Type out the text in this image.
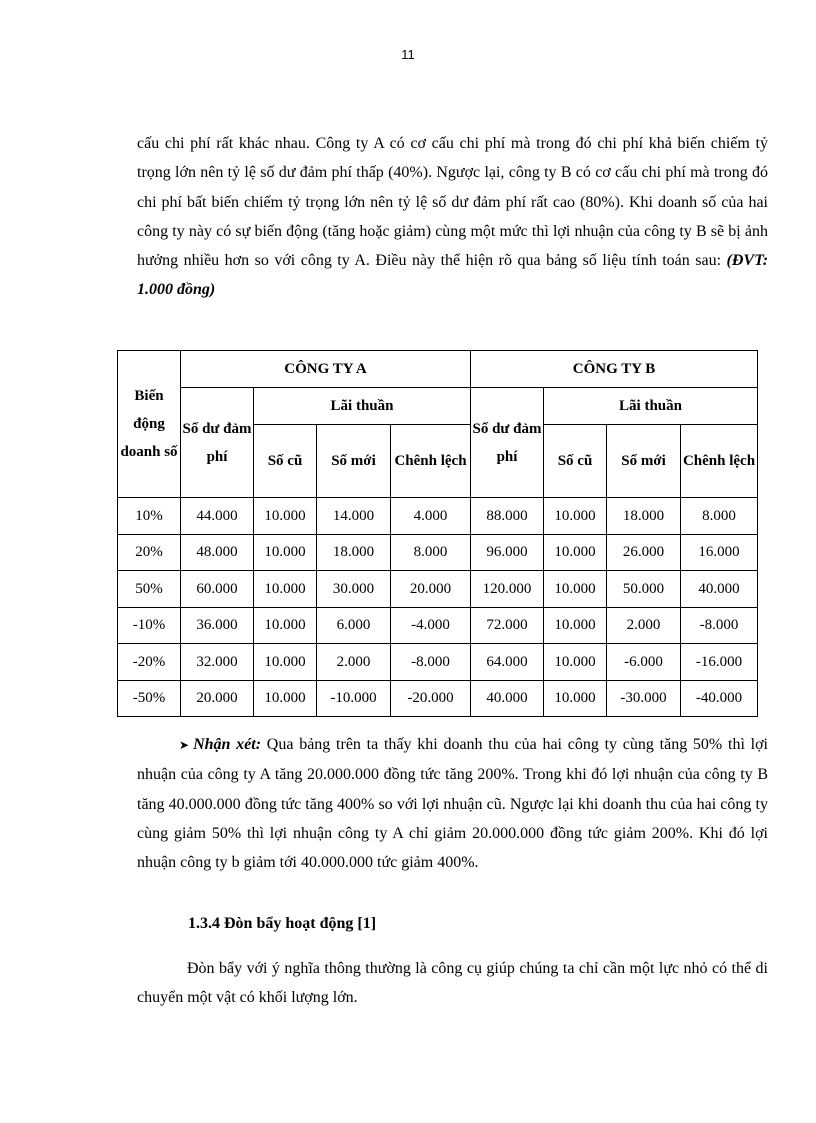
11
cấu chi phí rất khác nhau. Công ty A có cơ cấu chi phí mà trong đó chi phí khả biến chiếm tỷ trọng lớn nên tỷ lệ số dư đảm phí thấp (40%). Ngược lại, công ty B có cơ cấu chi phí mà trong đó chi phí bất biến chiếm tỷ trọng lớn nên tỷ lệ số dư đảm phí rất cao (80%). Khi doanh số của hai công ty này có sự biến động (tăng hoặc giảm) cùng một mức thì lợi nhuận của công ty B sẽ bị ảnh hưởng nhiều hơn so với công ty A. Điều này thể hiện rõ qua bảng số liệu tính toán sau: (ĐVT: 1.000 đồng)
Biến động doanh số	CÔNG TY A				CÔNG TY B			
	Số dư đảm phí	Lãi thuần			Số dư đảm phí	Lãi thuần		
		Số cũ	Số mới	Chênh lệch		Số cũ	Số mới	Chênh lệch
10%	44.000	10.000	14.000	4.000	88.000	10.000	18.000	8.000
20%	48.000	10.000	18.000	8.000	96.000	10.000	26.000	16.000
50%	60.000	10.000	30.000	20.000	120.000	10.000	50.000	40.000
-10%	36.000	10.000	6.000	-4.000	72.000	10.000	2.000	-8.000
-20%	32.000	10.000	2.000	-8.000	64.000	10.000	-6.000	-16.000
-50%	20.000	10.000	-10.000	-20.000	40.000	10.000	-30.000	-40.000
➤ Nhận xét: Qua bảng trên ta thấy khi doanh thu của hai công ty cùng tăng 50% thì lợi nhuận của công ty A tăng 20.000.000 đồng tức tăng 200%. Trong khi đó lợi nhuận của công ty B tăng 40.000.000 đồng tức tăng 400% so với lợi nhuận cũ. Ngược lại khi doanh thu của hai công ty cùng giảm 50% thì lợi nhuận công ty A chỉ giảm 20.000.000 đồng tức giảm 200%. Khi đó lợi nhuận công ty b giảm tới 40.000.000 tức giảm 400%.
1.3.4 Đòn bẩy hoạt động [1]
Đòn bẩy với ý nghĩa thông thường là công cụ giúp chúng ta chỉ cần một lực nhỏ có thể di chuyển một vật có khối lượng lớn.
